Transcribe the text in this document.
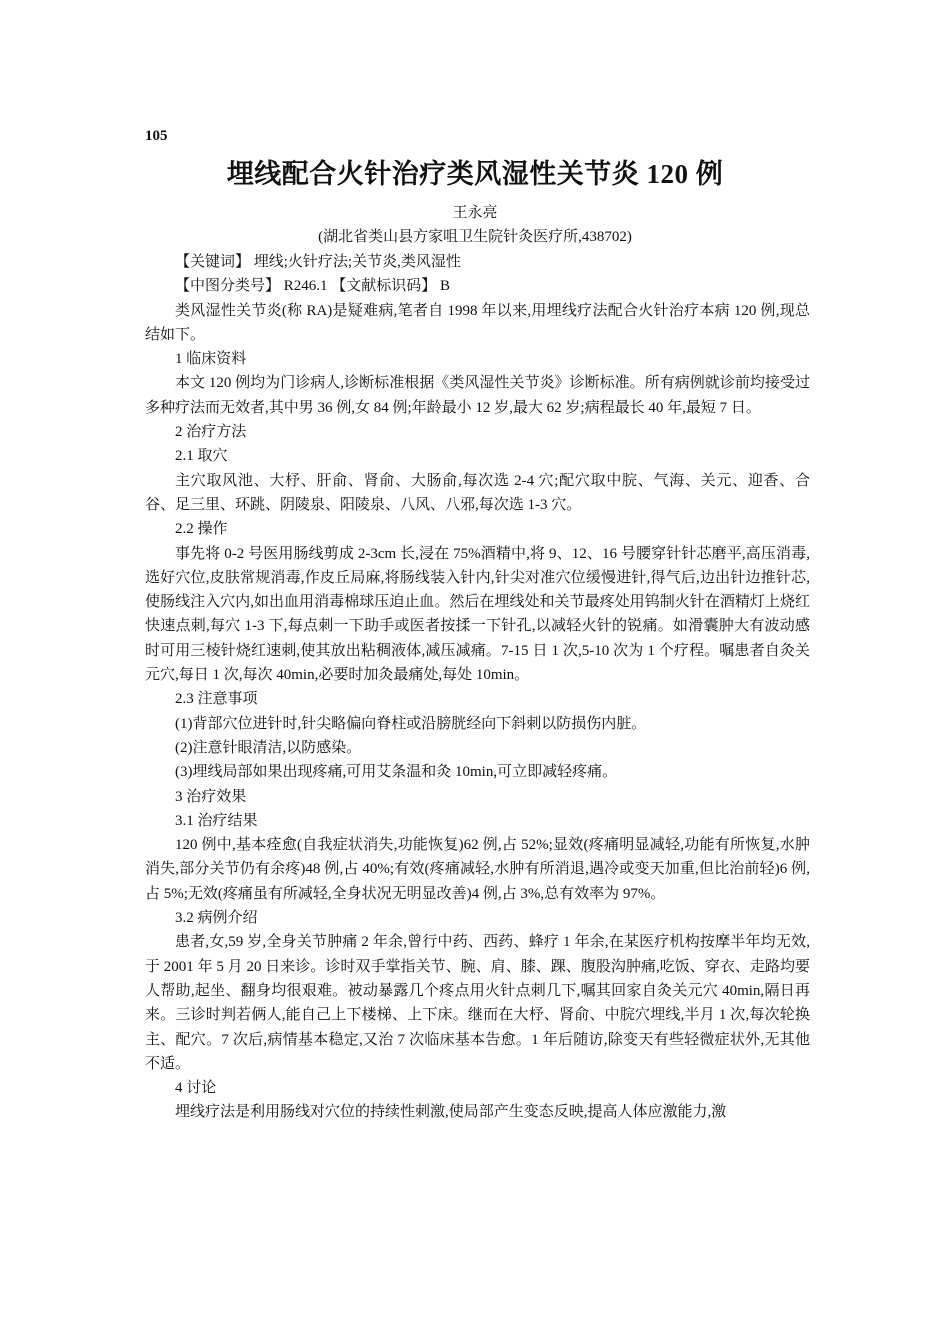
105
埋线配合火针治疗类风湿性关节炎 120 例
王永亮
(湖北省类山县方家咀卫生院针灸医疗所,438702)

【关键词】 埋线;火针疗法;关节炎,类风湿性

【中图分类号】 R246.1 【文献标识码】 B

类风湿性关节炎(称 RA)是疑难病,笔者自 1998 年以来,用埋线疗法配合火针治疗本病 120 例,现总结如下。

1 临床资料

本文 120 例均为门诊病人,诊断标准根据《类风湿性关节炎》诊断标准。所有病例就诊前均接受过多种疗法而无效者,其中男 36 例,女 84 例;年龄最小 12 岁,最大 62 岁;病程最长 40 年,最短 7 日。

2 治疗方法

2.1 取穴

主穴取风池、大杼、肝俞、肾俞、大肠俞,每次选 2-4 穴;配穴取中脘、气海、关元、迎香、合谷、足三里、环跳、阴陵泉、阳陵泉、八风、八邪,每次选 1-3 穴。

2.2 操作

事先将 0-2 号医用肠线剪成 2-3cm 长,浸在 75%酒精中,将 9、12、16 号腰穿针针芯磨平,高压消毒,选好穴位,皮肤常规消毒,作皮丘局麻,将肠线装入针内,针尖对准穴位缓慢进针,得气后,边出针边推针芯,使肠线注入穴内,如出血用消毒棉球压迫止血。然后在埋线处和关节最疼处用钨制火针在酒精灯上烧红快速点刺,每穴 1-3 下,每点刺一下助手或医者按揉一下针孔,以减轻火针的锐痛。如滑囊肿大有波动感时可用三棱针烧红速刺,使其放出粘稠液体,减压减痛。7-15 日 1 次,5-10 次为 1 个疗程。嘱患者自灸关元穴,每日 1 次,每次 40min,必要时加灸最痛处,每处 10min。

2.3 注意事项

(1)背部穴位进针时,针尖略偏向脊柱或沿膀胱经向下斜刺以防损伤内脏。

(2)注意针眼清洁,以防感染。

(3)埋线局部如果出现疼痛,可用艾条温和灸 10min,可立即减轻疼痛。

3 治疗效果

3.1 治疗结果

120 例中,基本痊愈(自我症状消失,功能恢复)62 例,占 52%;显效(疼痛明显减轻,功能有所恢复,水肿消失,部分关节仍有余疼)48 例,占 40%;有效(疼痛减轻,水肿有所消退,遇冷或变天加重,但比治前轻)6 例,占 5%;无效(疼痛虽有所减轻,全身状况无明显改善)4 例,占 3%,总有效率为 97%。

3.2 病例介绍

患者,女,59 岁,全身关节肿痛 2 年余,曾行中药、西药、蜂疗 1 年余,在某医疗机构按摩半年均无效,于 2001 年 5 月 20 日来诊。诊时双手掌指关节、腕、肩、膝、踝、腹股沟肿痛,吃饭、穿衣、走路均要人帮助,起坐、翻身均很艰难。被动暴露几个疼点用火针点刺几下,嘱其回家自灸关元穴 40min,隔日再来。三诊时判若俩人,能自己上下楼梯、上下床。继而在大杼、肾俞、中脘穴埋线,半月 1 次,每次轮换主、配穴。7 次后,病情基本稳定,又治 7 次临床基本告愈。1 年后随访,除变天有些轻微症状外,无其他不适。

4 讨论

埋线疗法是利用肠线对穴位的持续性刺激,使局部产生变态反映,提高人体应激能力,激
